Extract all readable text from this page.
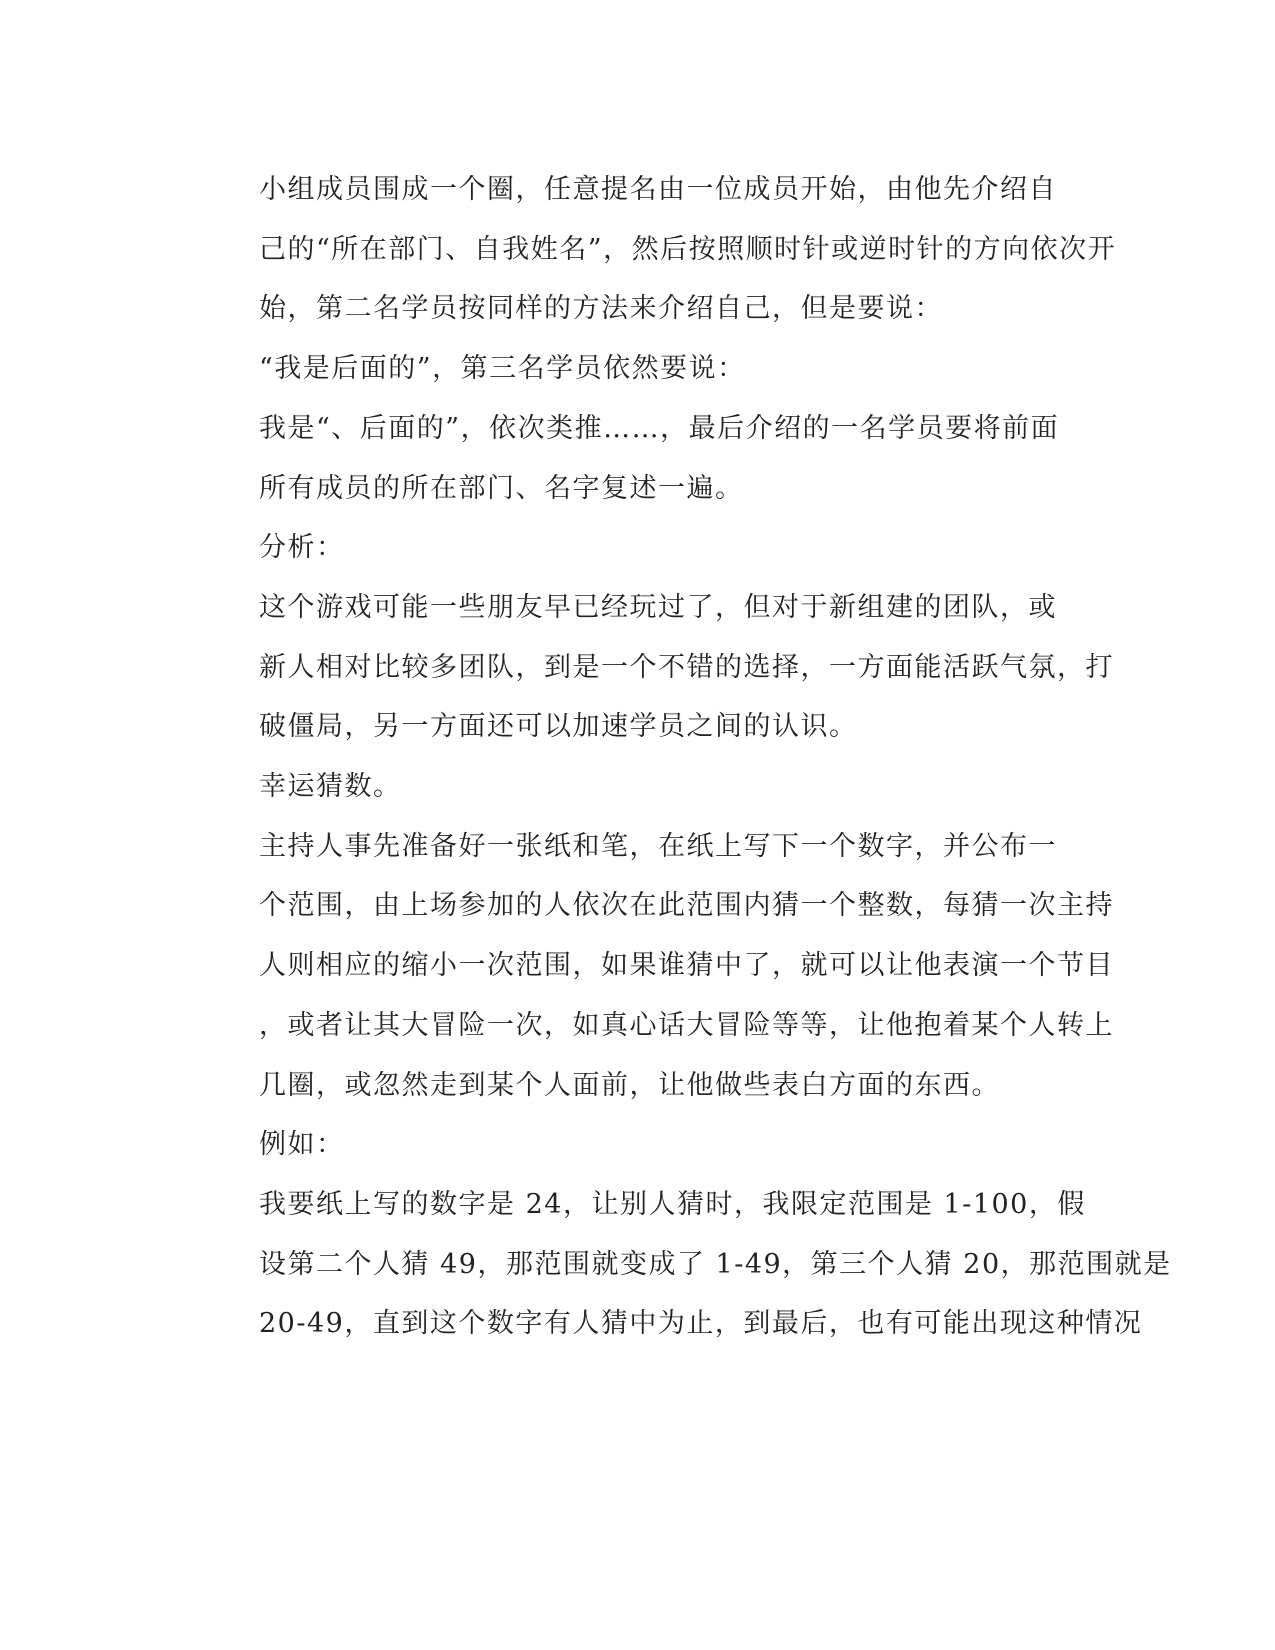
小组成员围成一个圈，任意提名由一位成员开始，由他先介绍自
己的“所在部门、自我姓名”，然后按照顺时针或逆时针的方向依次开
始，第二名学员按同样的方法来介绍自己，但是要说：

“我是后面的”，第三名学员依然要说：

我是“、后面的”，依次类推……，最后介绍的一名学员要将前面
所有成员的所在部门、名字复述一遍。

分析：

这个游戏可能一些朋友早已经玩过了，但对于新组建的团队，或
新人相对比较多团队，到是一个不错的选择，一方面能活跃气氛，打
破僵局，另一方面还可以加速学员之间的认识。

幸运猜数。

主持人事先准备好一张纸和笔，在纸上写下一个数字，并公布一
个范围，由上场参加的人依次在此范围内猜一个整数，每猜一次主持
人则相应的缩小一次范围，如果谁猜中了，就可以让他表演一个节目
，或者让其大冒险一次，如真心话大冒险等等，让他抱着某个人转上
几圈，或忽然走到某个人面前，让他做些表白方面的东西。

例如：

我要纸上写的数字是 24，让别人猜时，我限定范围是 1-100，假
设第二个人猜 49，那范围就变成了 1-49，第三个人猜 20，那范围就是
20-49，直到这个数字有人猜中为止，到最后，也有可能出现这种情况
